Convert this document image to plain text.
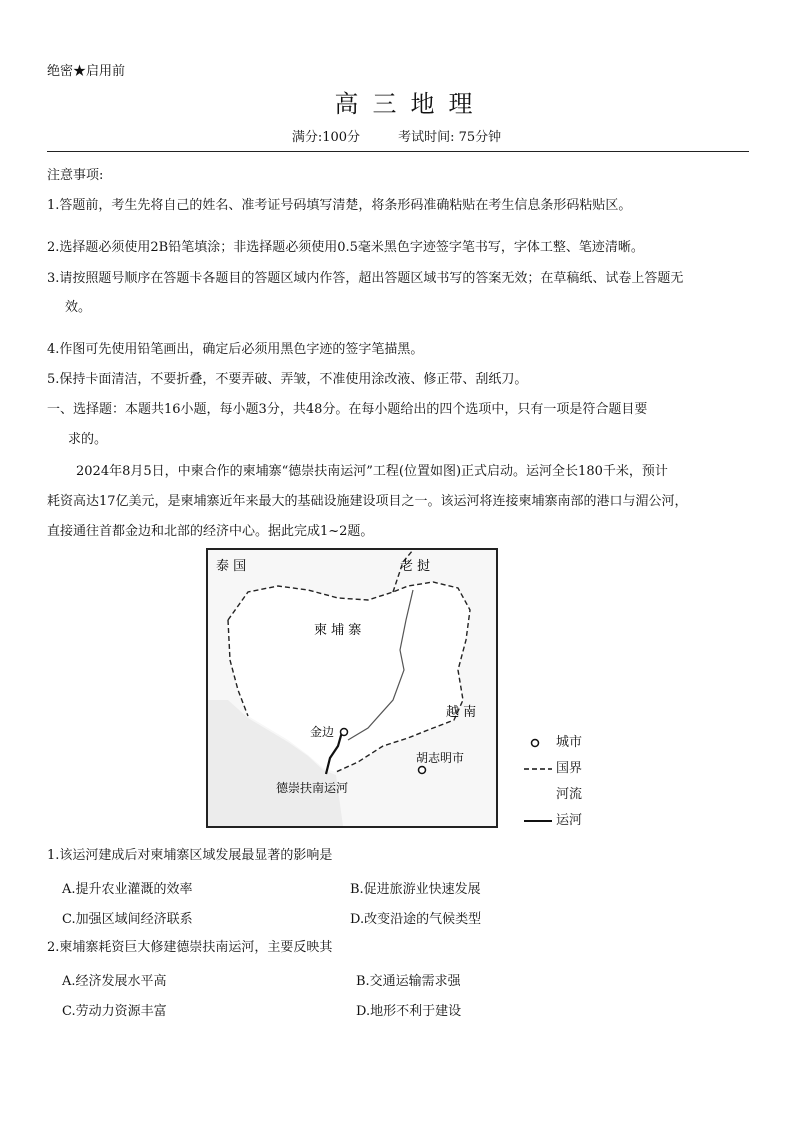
绝密★启用前
高三地理
满分:100分	考试时间: 75分钟
注意事项:
1.答题前，考生先将自己的姓名、准考证号码填写清楚，将条形码准确粘贴在考生信息条形码粘贴区。
2.选择题必须使用2B铅笔填涂；非选择题必须使用0.5毫米黑色字迹签字笔书写，字体工整、笔迹清晰。
3.请按照题号顺序在答题卡各题目的答题区域内作答，超出答题区域书写的答案无效；在草稿纸、试卷上答题无
效。
4.作图可先使用铅笔画出，确定后必须用黑色字迹的签字笔描黑。
5.保持卡面清洁，不要折叠，不要弄破、弄皱，不准使用涂改液、修正带、刮纸刀。
一、选择题：本题共16小题，每小题3分，共48分。在每小题给出的四个选项中，只有一项是符合题目要
求的。
2024年8月5日，中柬合作的柬埔寨“德崇扶南运河”工程(位置如图)正式启动。运河全长180千米，预计
耗资高达17亿美元，是柬埔寨近年来最大的基础设施建设项目之一。该运河将连接柬埔寨南部的港口与湄公河，
直接通往首都金边和北部的经济中心。据此完成1~2题。
泰 国	老 挝
柬 埔 寨
越 南
金边
胡志明市
德崇扶南运河
城市
国界
河流
运河
1.该运河建成后对柬埔寨区域发展最显著的影响是
A.提升农业灌溉的效率	B.促进旅游业快速发展
C.加强区域间经济联系	D.改变沿途的气候类型
2.柬埔寨耗资巨大修建德崇扶南运河，主要反映其
A.经济发展水平高	B.交通运输需求强
C.劳动力资源丰富	D.地形不利于建设
